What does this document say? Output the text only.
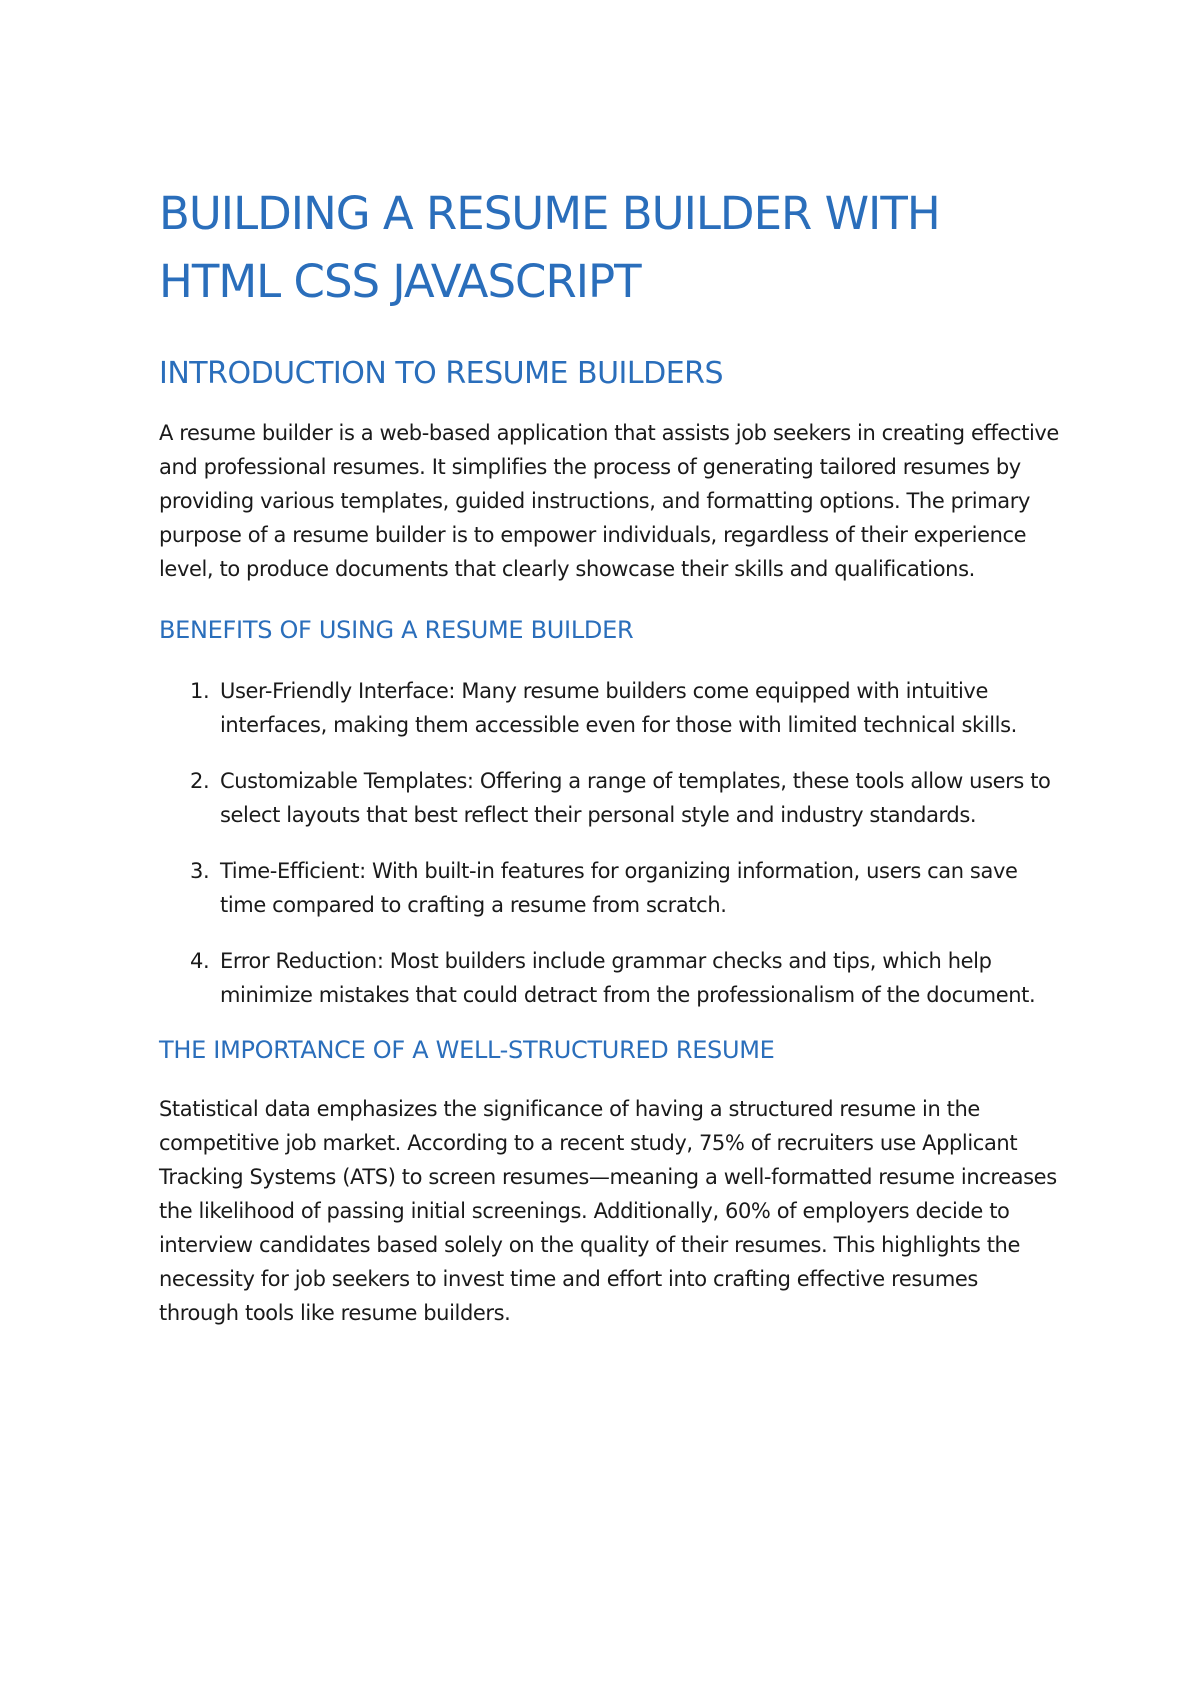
BUILDING A RESUME BUILDER WITH HTML CSS JAVASCRIPT
INTRODUCTION TO RESUME BUILDERS

A resume builder is a web-based application that assists job seekers in creating effective and professional resumes. It simplifies the process of generating tailored resumes by providing various templates, guided instructions, and formatting options. The primary purpose of a resume builder is to empower individuals, regardless of their experience level, to produce documents that clearly showcase their skills and qualifications.

BENEFITS OF USING A RESUME BUILDER
1. User-Friendly Interface: Many resume builders come equipped with intuitive interfaces, making them accessible even for those with limited technical skills.
2. Customizable Templates: Offering a range of templates, these tools allow users to select layouts that best reflect their personal style and industry standards.
3. Time-Efficient: With built-in features for organizing information, users can save time compared to crafting a resume from scratch.
4. Error Reduction: Most builders include grammar checks and tips, which help minimize mistakes that could detract from the professionalism of the document.
THE IMPORTANCE OF A WELL-STRUCTURED RESUME

Statistical data emphasizes the significance of having a structured resume in the competitive job market. According to a recent study, 75% of recruiters use Applicant Tracking Systems (ATS) to screen resumes—meaning a well-formatted resume increases the likelihood of passing initial screenings. Additionally, 60% of employers decide to interview candidates based solely on the quality of their resumes. This highlights the necessity for job seekers to invest time and effort into crafting effective resumes through tools like resume builders.
